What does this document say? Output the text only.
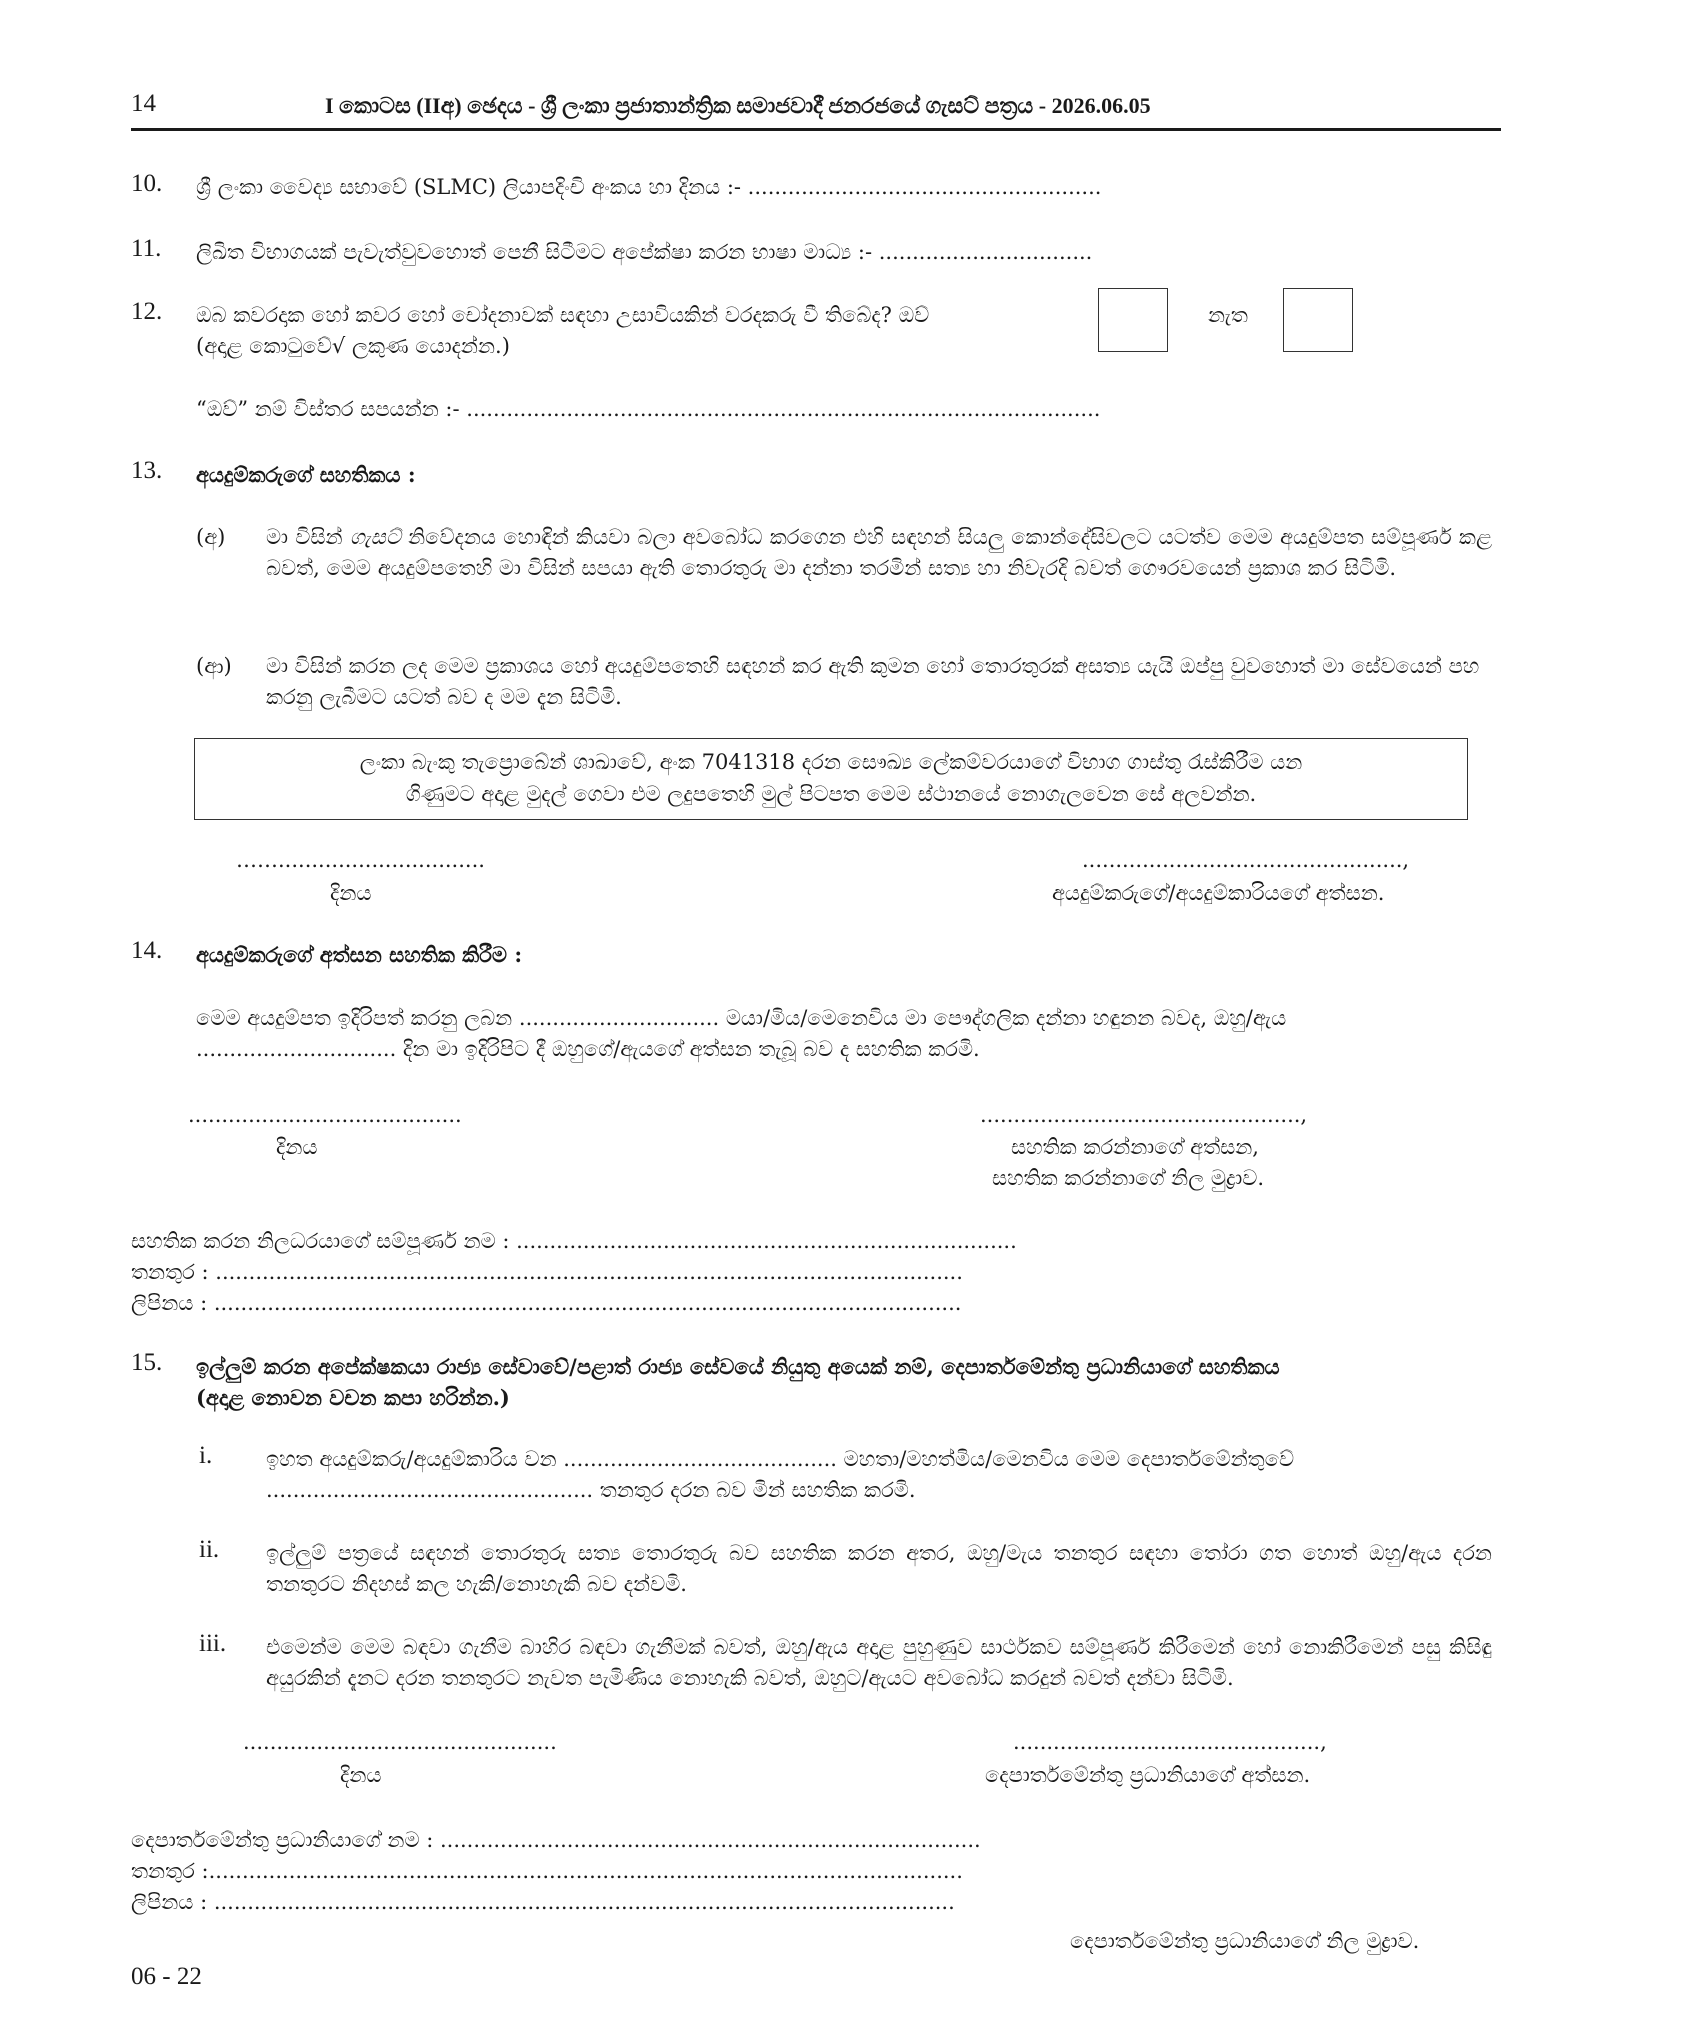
14	I කොටස (IIඅ) ඡෙදය - ශ්‍රී ලංකා ප්‍රජාතාන්ත්‍රික සමාජවාදී ජනරජයේ ගැසට් පත්‍රය - 2026.06.05
10. ශ්‍රී ලංකා වෛද්‍ය සභාවේ (SLMC) ලියාපදිංචි අංකය හා දිනය :- .....................................................
11. ලිඛිත විභාගයක් පැවැත්වුවහොත් පෙනී සිටීමට අපේක්ෂා කරන භාෂා මාධ්‍ය :- ................................
12. ඔබ කවරදාක හෝ කවර හෝ චෝදනාවක් සඳහා උසාවියකින් වරදකරු වී තිබේද? ඔව්
(අදාළ කොටුවේ√ ලකුණ යොදන්න.)
නැත
“ඔව්” නම් විස්තර සපයන්න :- ...............................................................................................
13. අයදුම්කරුගේ සහතිකය :
(අ) මා විසින් ගැසට් නිවේදනය හොඳින් කියවා බලා අවබෝධ කරගෙන එහි සඳහන් සියලු කොන්දේසිවලට යටත්ව මෙම අයදුම්පත සම්පූර්ණ කළ බවත්, මෙම අයදුම්පතෙහි මා විසින් සපයා ඇති තොරතුරු මා දන්නා තරමින් සත්‍ය හා නිවැරදි බවත් ගෞරවයෙන් ප්‍රකාශ කර සිටිමි.
(ආ) මා විසින් කරන ලද මෙම ප්‍රකාශය හෝ අයදුම්පතෙහි සඳහන් කර ඇති කුමන හෝ තොරතුරක් අසත්‍ය යැයි ඔප්පු වුවහොත් මා සේවයෙන් පහ කරනු ලැබීමට යටත් බව ද මම දැන සිටිමි.
ලංකා බැංකු තැප්‍රොබේන් ශාඛාවේ, අංක 7041318 දරන සෞඛ්‍ය ලේකම්වරයාගේ විභාග ගාස්තු රැස්කිරීම යන
ගිණුමට අදාළ මුදල් ගෙවා එම ලදුපතෙහි මුල් පිටපත මෙම ස්ථානයේ නොගැලවෙන සේ අලවන්න.
……...............................
දිනය
................................................,
අයදුම්කරුගේ/අයදුම්කාරියගේ අත්සන.
14. අයදුම්කරුගේ අත්සන සහතික කිරීම :
මෙම අයදුම්පත ඉදිරිපත් කරනු ලබන .............................. මයා/මිය/මෙනෙවිය මා පෞද්ගලික දන්නා හඳුනන බවද, ඔහු/ඇය
.............................. දින මා ඉදිරිපිට දී ඔහුගේ/ඇයගේ අත්සන තැබූ බව ද සහතික කරමි.
.........................................
දිනය
................................................,
සහතික කරන්නාගේ අත්සන,
සහතික කරන්නාගේ නිල මුද්‍රාව.
සහතික කරන නිලධරයාගේ සම්පූර්ණ නම : ...........................................................................
තනතුර : ................................................................................................................
ලිපිනය : ................................................................................................................
15. ඉල්ලුම් කරන අපේක්ෂකයා රාජ්‍ය සේවාවේ/පළාත් රාජ්‍ය සේවයේ නියුතු අයෙක් නම්, දෙපාර්තමේන්තු ප්‍රධානියාගේ සහතිකය
(අදාළ නොවන වචන කපා හරින්න.)
i.	ඉහත අයදුම්කරු/අයදුම්කාරිය වන ......................................... මහතා/මහත්මිය/මෙනවිය මෙම දෙපාර්තමේන්තුවේ
................................................. තනතුර දරන බව මින් සහතික කරමි.
ii. ඉල්ලුම් පත්‍රයේ සඳහන් තොරතුරු සත්‍ය තොරතුරු බව සහතික කරන අතර, ඔහු/මැය තනතුර සඳහා තෝරා ගත හොත් ඔහු/ඇය දරන තනතුරට නිදහස් කල හැකි/නොහැකි බව දන්වමි.
iii. එමෙන්ම මෙම බඳවා ගැනීම බාහිර බඳවා ගැනීමක් බවත්, ඔහු/ඇය අදාළ පුහුණුව සාර්ථකව සම්පූර්ණ කිරීමෙන් හෝ නොකිරීමෙන් පසු කිසිඳු අයුරකින් දැනට දරන තනතුරට නැවත පැමිණිය නොහැකි බවත්, ඔහුට/ඇයට අවබෝධ කරදුන් බවත් දන්වා සිටිමි.
...............................................
දිනය
..............................................,
දෙපාර්තමේන්තු ප්‍රධානියාගේ අත්සන.
දෙපාර්තමේන්තු ප්‍රධානියාගේ නම : .................................................................................
තනතුර :.................................................................................................................
ලිපිනය : ...............................................................................................................
දෙපාර්තමේන්තු ප්‍රධානියාගේ නිල මුද්‍රාව.
06 - 22
